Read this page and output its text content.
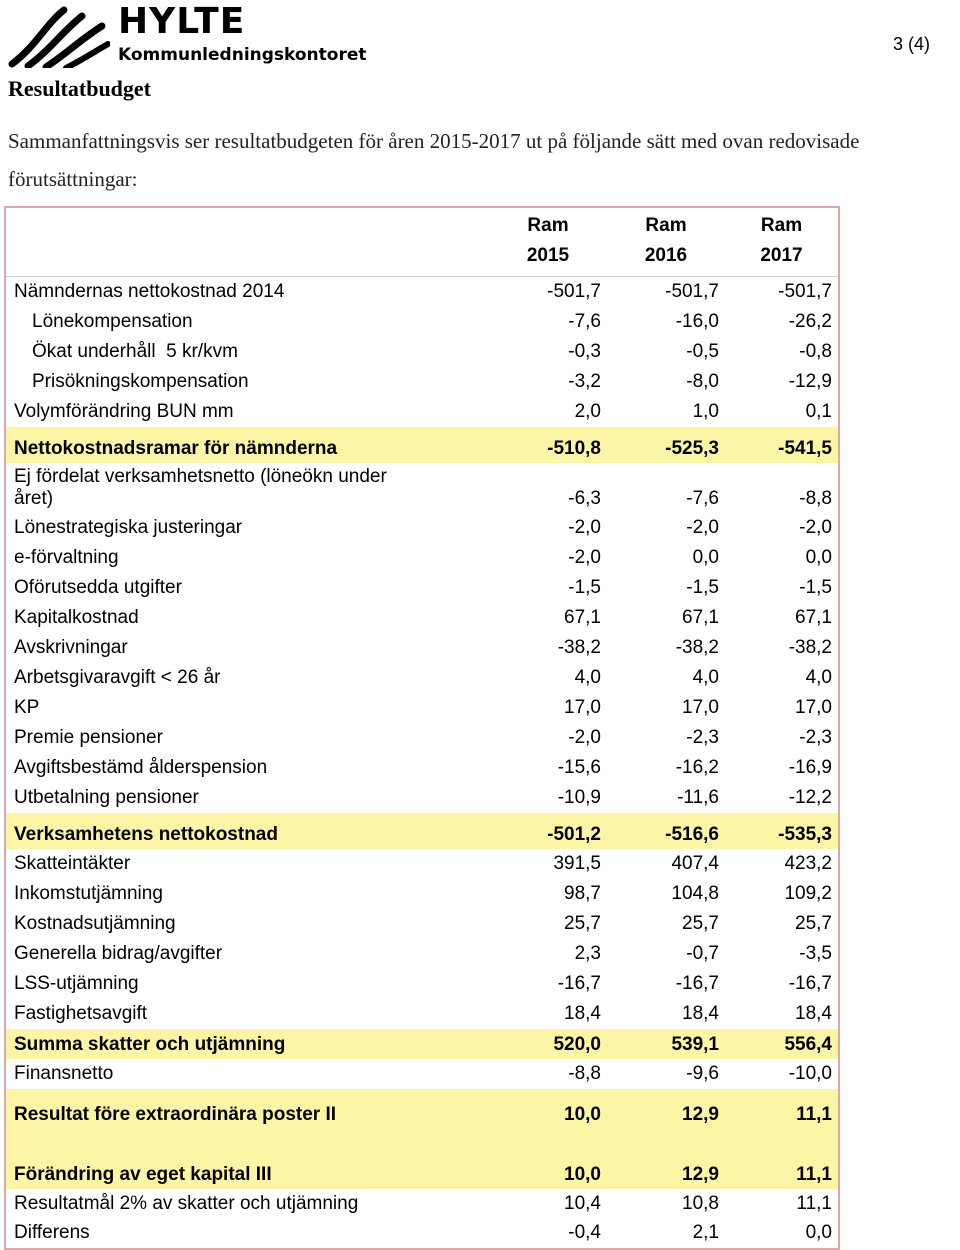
HYLTE
Kommunledningskontoret
3 (4)
Resultatbudget
Sammanfattningsvis ser resultatbudgeten för åren 2015-2017 ut på följande sätt med ovan redovisade förutsättningar:
	Ram	Ram	Ram
	2015	2016	2017
Nämndernas nettokostnad 2014	-501,7	-501,7	-501,7
Lönekompensation	-7,6	-16,0	-26,2
Ökat underhåll  5 kr/kvm	-0,3	-0,5	-0,8
Prisökningskompensation	-3,2	-8,0	-12,9
Volymförändring BUN mm	2,0	1,0	0,1
Nettokostnadsramar för nämnderna	-510,8	-525,3	-541,5

Ej fördelat verksamhetsnetto (löneökn under
året)	-6,3	-7,6	-8,8
Lönestrategiska justeringar	-2,0	-2,0	-2,0
e-förvaltning	-2,0	0,0	0,0
Oförutsedda utgifter	-1,5	-1,5	-1,5
Kapitalkostnad	67,1	67,1	67,1
Avskrivningar	-38,2	-38,2	-38,2
Arbetsgivaravgift < 26 år	4,0	4,0	4,0
KP	17,0	17,0	17,0
Premie pensioner	-2,0	-2,3	-2,3
Avgiftsbestämd ålderspension	-15,6	-16,2	-16,9
Utbetalning pensioner	-10,9	-11,6	-12,2
Verksamhetens nettokostnad	-501,2	-516,6	-535,3
Skatteintäkter	391,5	407,4	423,2
Inkomstutjämning	98,7	104,8	109,2
Kostnadsutjämning	25,7	25,7	25,7
Generella bidrag/avgifter	2,3	-0,7	-3,5
LSS-utjämning	-16,7	-16,7	-16,7
Fastighetsavgift	18,4	18,4	18,4
Summa skatter och utjämning	520,0	539,1	556,4
Finansnetto	-8,8	-9,6	-10,0
Resultat före extraordinära poster II	10,0	12,9	11,1

Förändring av eget kapital III	10,0	12,9	11,1
Resultatmål 2% av skatter och utjämning	10,4	10,8	11,1
Differens	-0,4	2,1	0,0
